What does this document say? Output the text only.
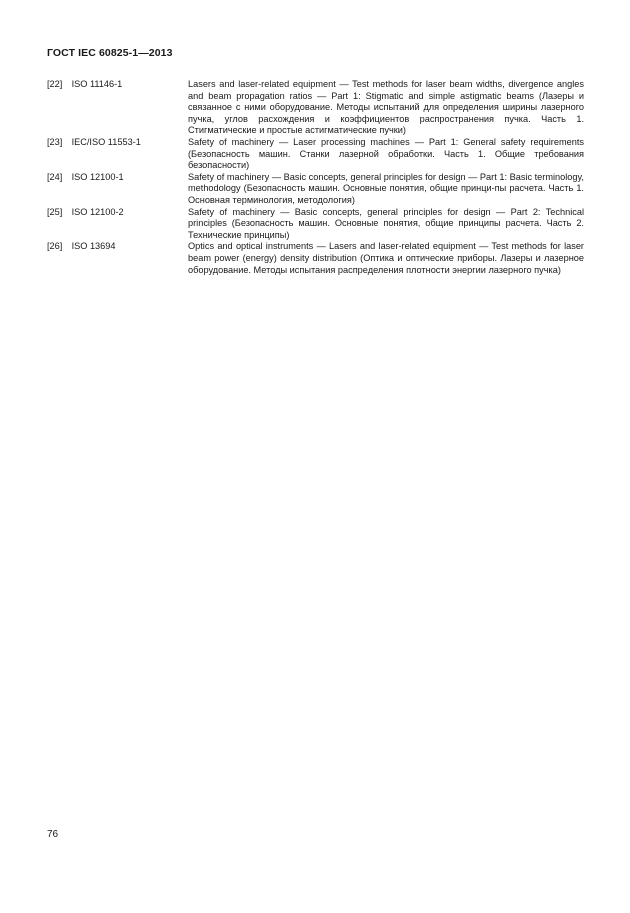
ГОСТ IEC 60825-1—2013
[22] ISO 11146-1	Lasers and laser-related equipment — Test methods for laser beam widths, divergence angles and beam propagation ratios — Part 1: Stigmatic and simple astigmatic beams (Лазеры и связанное с ними оборудование. Методы испытаний для определения ширины лазерного пучка, углов расхождения и коэффициентов распространения пучка. Часть 1. Стигматические и простые астигматические пучки)
[23] IEC/ISO 11553-1	Safety of machinery — Laser processing machines — Part 1: General safety requirements (Безопасность машин. Станки лазерной обработки. Часть 1. Общие требования безопасности)
[24] ISO 12100-1	Safety of machinery — Basic concepts, general principles for design — Part 1: Basic terminology, methodology (Безопасность машин. Основные понятия, общие принци-пы расчета. Часть 1. Основная терминология, методология)
[25] ISO 12100-2	Safety of machinery — Basic concepts, general principles for design — Part 2: Technical principles (Безопасность машин. Основные понятия, общие принципы расчета. Часть 2. Технические принципы)
[26] ISO 13694	Optics and optical instruments — Lasers and laser-related equipment — Test methods for laser beam power (energy) density distribution (Оптика и оптические приборы. Лазеры и лазерное оборудование. Методы испытания распределения плотности энергии лазерного пучка)
76
